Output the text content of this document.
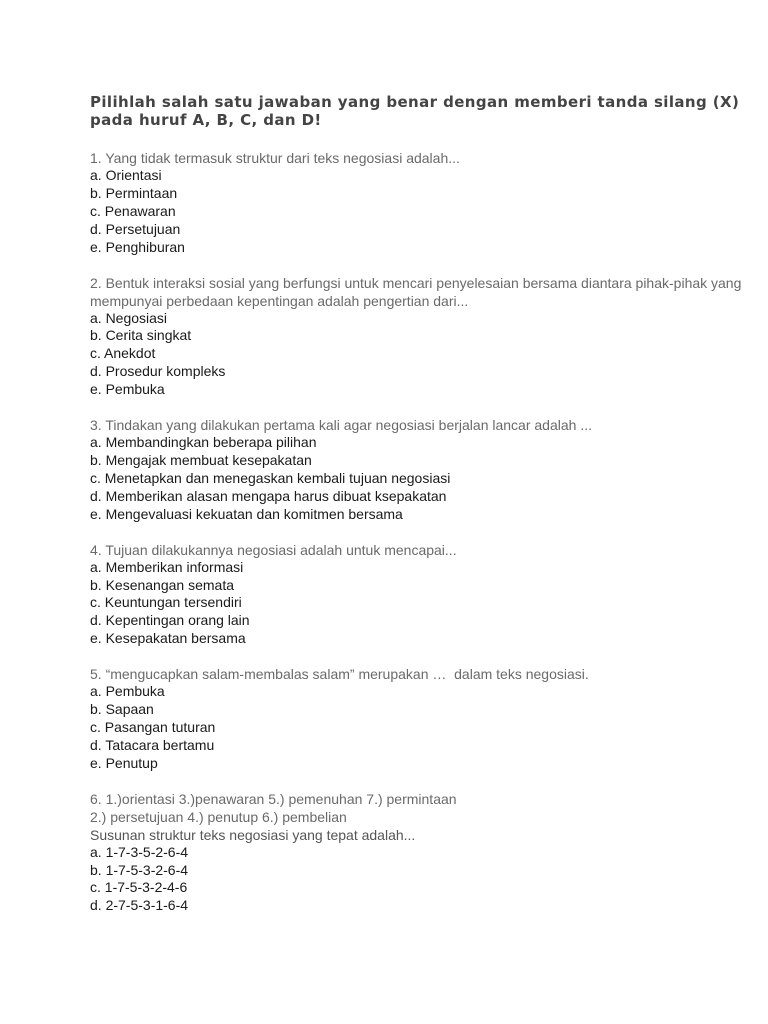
Pilihlah salah satu jawaban yang benar dengan memberi tanda silang (X) pada huruf A, B, C, dan D!
1. Yang tidak termasuk struktur dari teks negosiasi adalah...
a. Orientasi
b. Permintaan
c. Penawaran
d. Persetujuan
e. Penghiburan
2. Bentuk interaksi sosial yang berfungsi untuk mencari penyelesaian bersama diantara pihak-pihak yang mempunyai perbedaan kepentingan adalah pengertian dari...
a. Negosiasi
b. Cerita singkat
c. Anekdot
d. Prosedur kompleks
e. Pembuka
3. Tindakan yang dilakukan pertama kali agar negosiasi berjalan lancar adalah ...
a. Membandingkan beberapa pilihan
b. Mengajak membuat kesepakatan
c. Menetapkan dan menegaskan kembali tujuan negosiasi
d. Memberikan alasan mengapa harus dibuat ksepakatan
e. Mengevaluasi kekuatan dan komitmen bersama
4. Tujuan dilakukannya negosiasi adalah untuk mencapai...
a. Memberikan informasi
b. Kesenangan semata
c. Keuntungan tersendiri
d. Kepentingan orang lain
e. Kesepakatan bersama
5. “mengucapkan salam-membalas salam” merupakan …  dalam teks negosiasi.
a. Pembuka
b. Sapaan
c. Pasangan tuturan
d. Tatacara bertamu
e. Penutup
6. 1.)orientasi 3.)penawaran 5.) pemenuhan 7.) permintaan
2.) persetujuan 4.) penutup 6.) pembelian
Susunan struktur teks negosiasi yang tepat adalah...
a. 1-7-3-5-2-6-4
b. 1-7-5-3-2-6-4
c. 1-7-5-3-2-4-6
d. 2-7-5-3-1-6-4
